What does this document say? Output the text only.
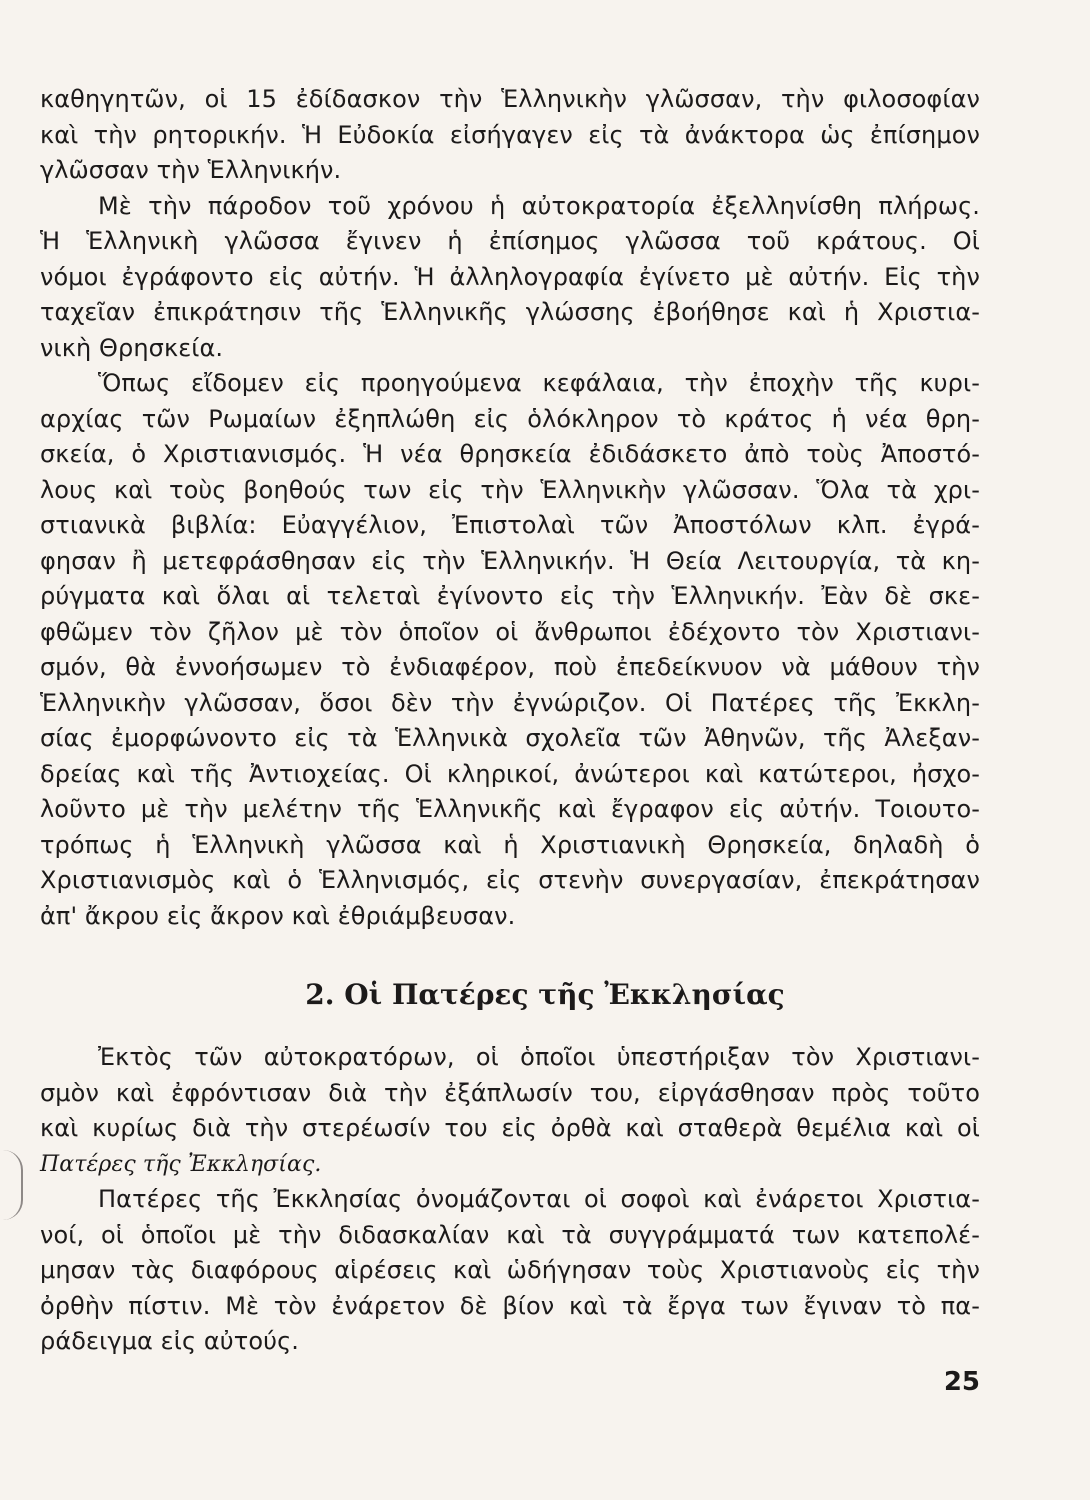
καθηγητῶν, οἱ 15 ἐδίδασκον τὴν Ἑλληνικὴν γλῶσσαν, τὴν φιλοσοφίαν
καὶ τὴν ρητορικήν. Ἡ Εὐδοκία εἰσήγαγεν εἰς τὰ ἀνάκτορα ὡς ἐπίσημον
γλῶσσαν τὴν Ἑλληνικήν.
Μὲ τὴν πάροδον τοῦ χρόνου ἡ αὐτοκρατορία ἐξελληνίσθη πλήρως.
Ἡ Ἑλληνικὴ γλῶσσα ἔγινεν ἡ ἐπίσημος γλῶσσα τοῦ κράτους. Οἱ
νόμοι ἐγράφοντο εἰς αὐτήν. Ἡ ἀλληλογραφία ἐγίνετο μὲ αὐτήν. Εἰς τὴν
ταχεῖαν ἐπικράτησιν τῆς Ἑλληνικῆς γλώσσης ἐβοήθησε καὶ ἡ Χριστια-
νικὴ Θρησκεία.
Ὅπως εἴδομεν εἰς προηγούμενα κεφάλαια, τὴν ἐποχὴν τῆς κυρι-
αρχίας τῶν Ρωμαίων ἐξηπλώθη εἰς ὁλόκληρον τὸ κράτος ἡ νέα θρη-
σκεία, ὁ Χριστιανισμός. Ἡ νέα θρησκεία ἐδιδάσκετο ἀπὸ τοὺς Ἀποστό-
λους καὶ τοὺς βοηθούς των εἰς τὴν Ἑλληνικὴν γλῶσσαν. Ὅλα τὰ χρι-
στιανικὰ βιβλία: Εὐαγγέλιον, Ἐπιστολαὶ τῶν Ἀποστόλων κλπ. ἐγρά-
φησαν ἢ μετεφράσθησαν εἰς τὴν Ἑλληνικήν. Ἡ Θεία Λειτουργία, τὰ κη-
ρύγματα καὶ ὅλαι αἱ τελεταὶ ἐγίνοντο εἰς τὴν Ἑλληνικήν. Ἐὰν δὲ σκε-
φθῶμεν τὸν ζῆλον μὲ τὸν ὁποῖον οἱ ἄνθρωποι ἐδέχοντο τὸν Χριστιανι-
σμόν, θὰ ἐννοήσωμεν τὸ ἐνδιαφέρον, ποὺ ἐπεδείκνυον νὰ μάθουν τὴν
Ἑλληνικὴν γλῶσσαν, ὅσοι δὲν τὴν ἐγνώριζον. Οἱ Πατέρες τῆς Ἐκκλη-
σίας ἐμορφώνοντο εἰς τὰ Ἑλληνικὰ σχολεῖα τῶν Ἀθηνῶν, τῆς Ἀλεξαν-
δρείας καὶ τῆς Ἀντιοχείας. Οἱ κληρικοί, ἀνώτεροι καὶ κατώτεροι, ἠσχο-
λοῦντο μὲ τὴν μελέτην τῆς Ἑλληνικῆς καὶ ἔγραφον εἰς αὐτήν. Τοιουτο-
τρόπως ἡ Ἑλληνικὴ γλῶσσα καὶ ἡ Χριστιανικὴ Θρησκεία, δηλαδὴ ὁ
Χριστιανισμὸς καὶ ὁ Ἑλληνισμός, εἰς στενὴν συνεργασίαν, ἐπεκράτησαν
ἀπ' ἄκρου εἰς ἄκρον καὶ ἐθριάμβευσαν.
2. Οἱ Πατέρες τῆς Ἐκκλησίας
Ἐκτὸς τῶν αὐτοκρατόρων, οἱ ὁποῖοι ὑπεστήριξαν τὸν Χριστιανι-
σμὸν καὶ ἐφρόντισαν διὰ τὴν ἐξάπλωσίν του, εἰργάσθησαν πρὸς τοῦτο
καὶ κυρίως διὰ τὴν στερέωσίν του εἰς ὀρθὰ καὶ σταθερὰ θεμέλια καὶ οἱ
Πατέρες τῆς Ἐκκλησίας.
Πατέρες τῆς Ἐκκλησίας ὀνομάζονται οἱ σοφοὶ καὶ ἐνάρετοι Χριστια-
νοί, οἱ ὁποῖοι μὲ τὴν διδασκαλίαν καὶ τὰ συγγράμματά των κατεπολέ-
μησαν τὰς διαφόρους αἱρέσεις καὶ ὡδήγησαν τοὺς Χριστιανοὺς εἰς τὴν
ὀρθὴν πίστιν. Μὲ τὸν ἐνάρετον δὲ βίον καὶ τὰ ἔργα των ἔγιναν τὸ πα-
ράδειγμα εἰς αὐτούς.
25
